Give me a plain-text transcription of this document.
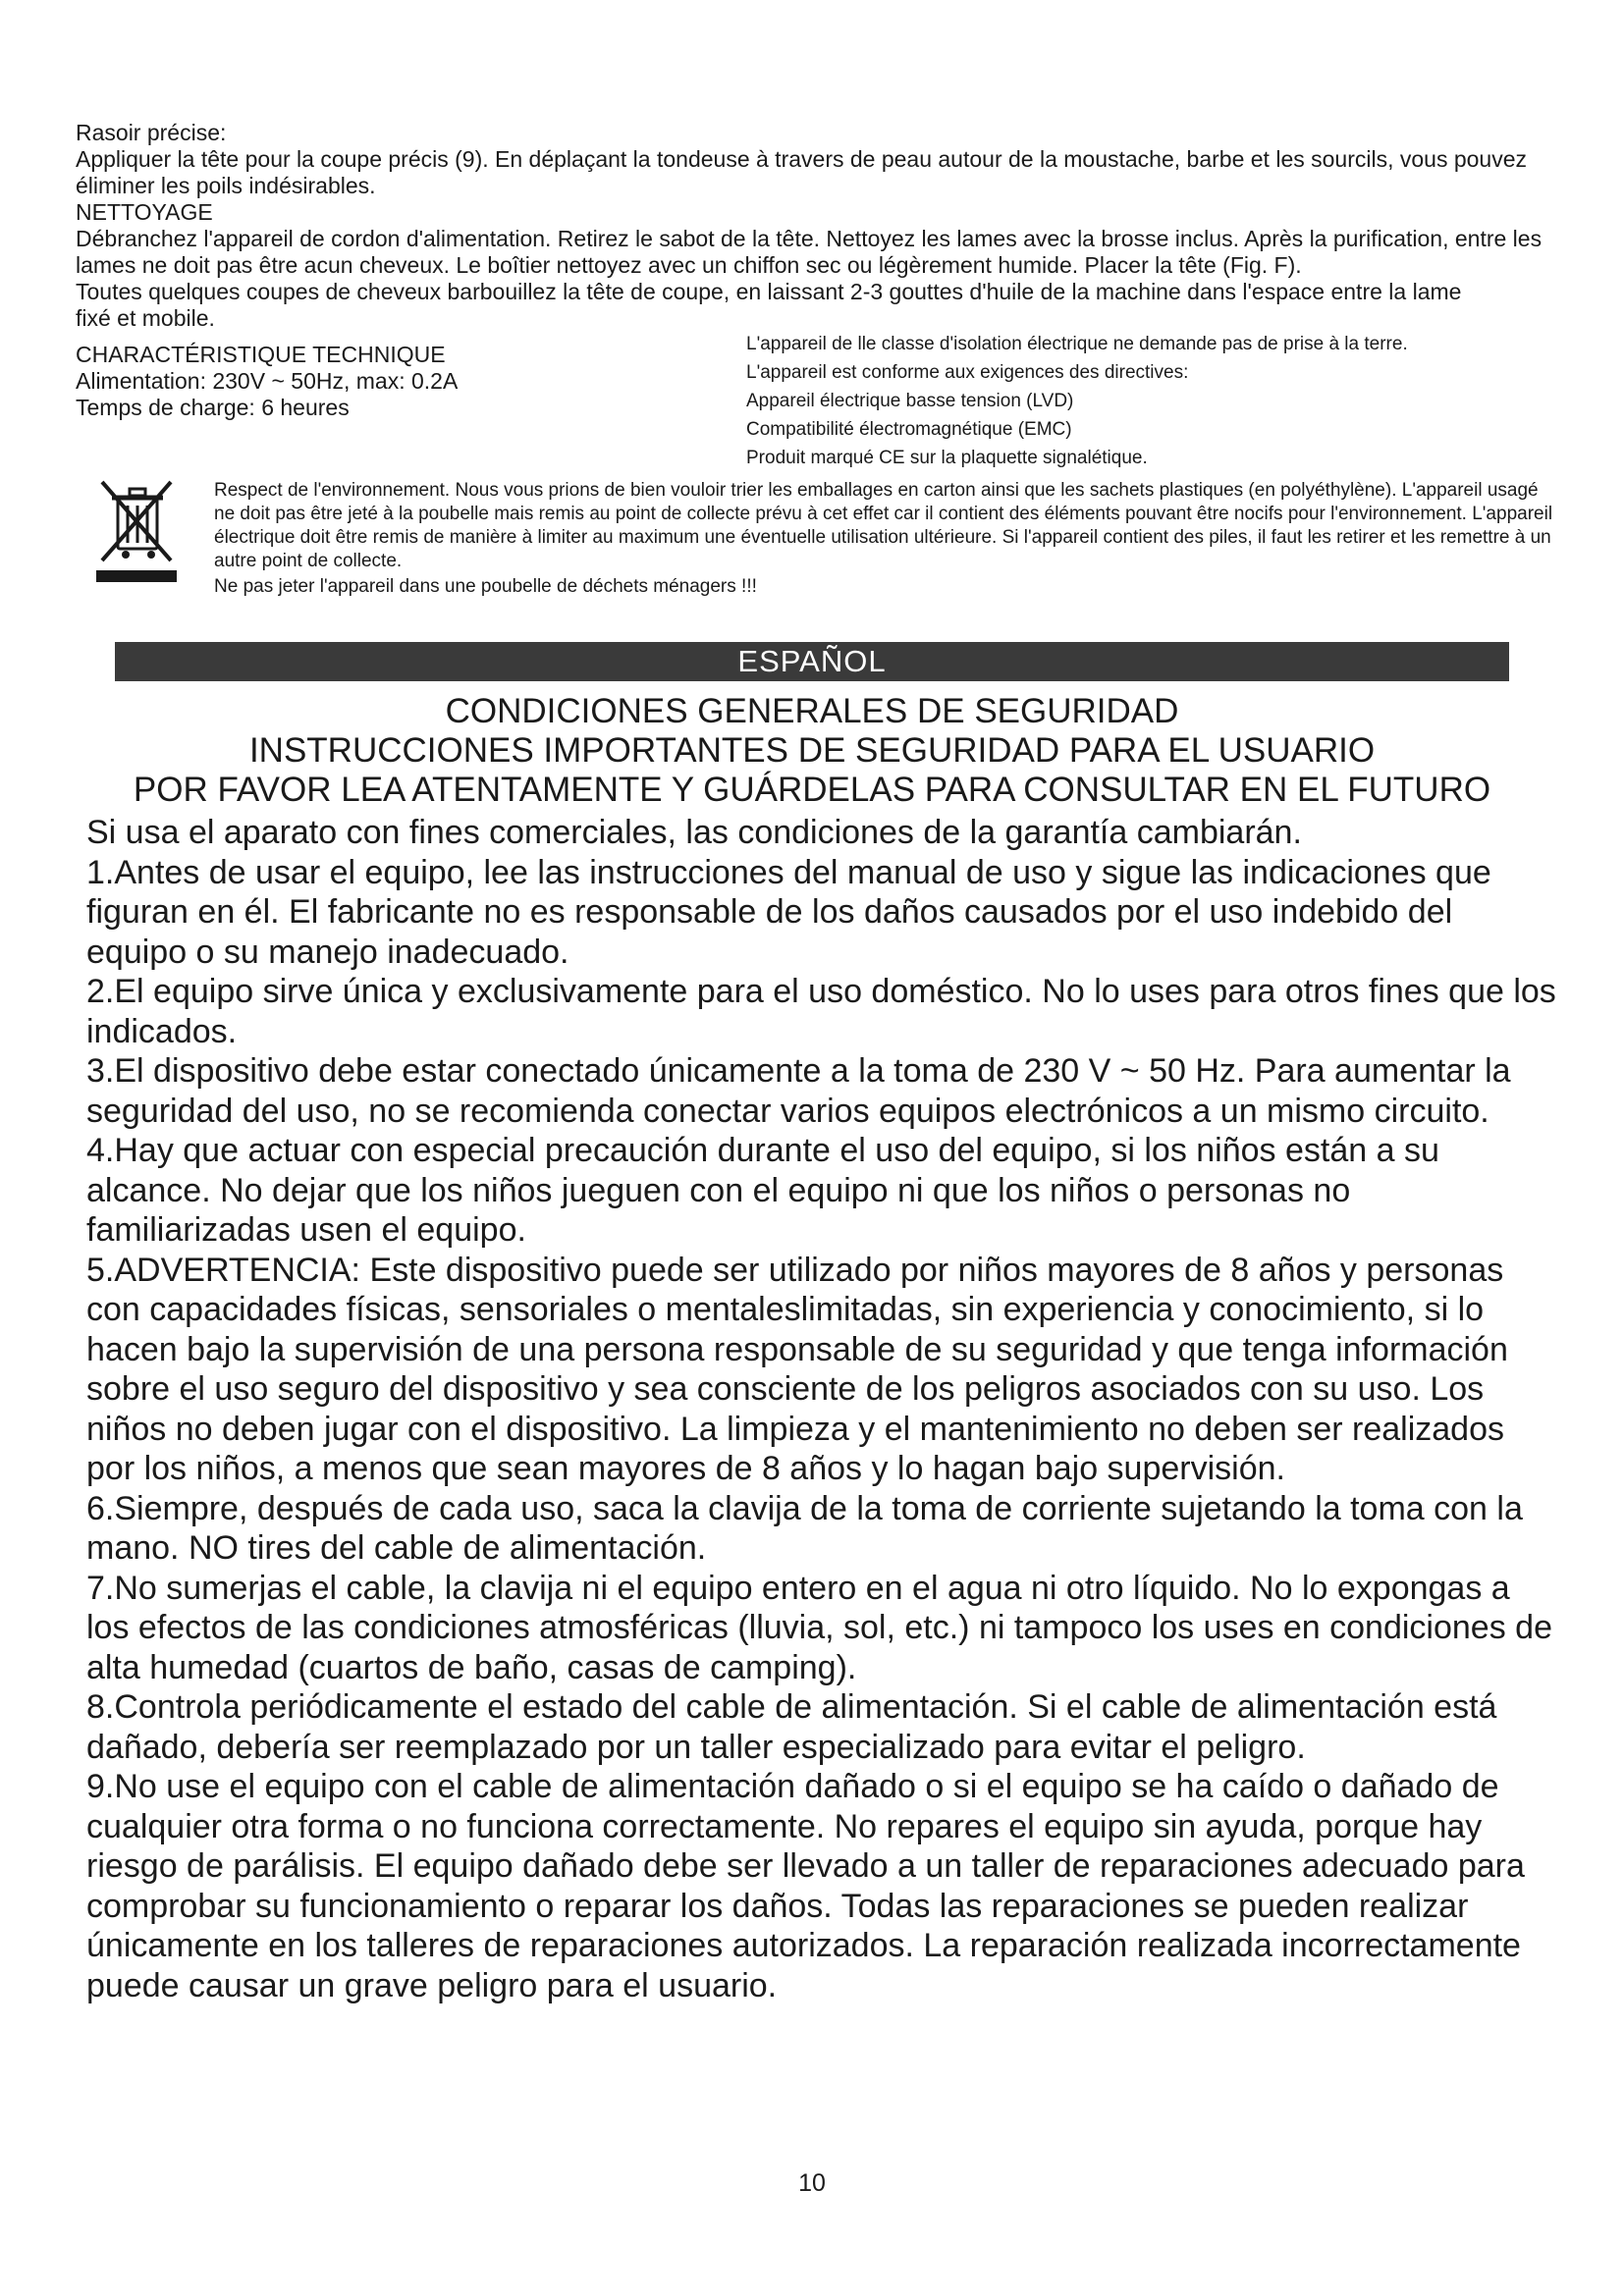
Rasoir précise:

Appliquer la tête pour la coupe précis (9). En déplaçant la tondeuse à travers de peau autour de la moustache, barbe et les sourcils, vous pouvez éliminer les poils indésirables.

NETTOYAGE

Débranchez l'appareil de cordon d'alimentation. Retirez le sabot de la tête. Nettoyez les lames avec la brosse inclus. Après la purification, entre les lames ne doit pas être acun cheveux. Le boîtier nettoyez avec un chiffon sec ou légèrement humide. Placer la tête (Fig. F).

Toutes quelques coupes de cheveux barbouillez la tête de coupe, en laissant 2-3 gouttes d'huile de la machine dans l'espace entre la lame

fixé et mobile.

CHARACTÉRISTIQUE TECHNIQUE

Alimentation: 230V ~ 50Hz, max: 0.2A

Temps de charge: 6 heures

L'appareil de lle classe d'isolation électrique ne demande pas de prise à la terre.

L'appareil est conforme aux exigences des directives:

Appareil électrique basse tension (LVD)

Compatibilité électromagnétique (EMC)

Produit marqué CE sur la plaquette signalétique.

Respect de l'environnement. Nous vous prions de bien vouloir trier les emballages en carton ainsi que les sachets plastiques (en polyéthylène). L'appareil usagé ne doit pas être jeté à la poubelle mais remis au point de collecte prévu à cet effet car il contient des éléments pouvant être nocifs pour l'environnement. L'appareil électrique doit être remis de manière à limiter au maximum une éventuelle utilisation ultérieure. Si l'appareil contient des piles, il faut les retirer et les remettre à un autre point de collecte.

Ne pas jeter l'appareil dans une poubelle de déchets ménagers !!!

ESPAÑOL

CONDICIONES GENERALES DE SEGURIDAD

INSTRUCCIONES IMPORTANTES DE SEGURIDAD PARA EL USUARIO

POR FAVOR LEA ATENTAMENTE Y GUÁRDELAS PARA CONSULTAR EN EL FUTURO

Si usa el aparato con fines comerciales, las condiciones de la garantía cambiarán.

1.Antes de usar el equipo, lee las instrucciones del manual de uso y sigue las indicaciones que figuran en él. El fabricante no es responsable de los daños causados por el uso indebido del equipo o su manejo inadecuado.

2.El equipo sirve única y exclusivamente para el uso doméstico. No lo uses para otros fines que los indicados.

3.El dispositivo debe estar conectado únicamente a la toma de 230 V ~ 50 Hz. Para aumentar la seguridad del uso, no se recomienda conectar varios equipos electrónicos a un mismo circuito.

4.Hay que actuar con especial precaución durante el uso del equipo, si los niños están a su alcance. No dejar que los niños jueguen con el equipo ni que los niños o personas no familiarizadas usen el equipo.

5.ADVERTENCIA: Este dispositivo puede ser utilizado por niños mayores de 8 años y personas con capacidades físicas, sensoriales o mentaleslimitadas, sin experiencia y conocimiento, si lo hacen bajo la supervisión de una persona responsable de su seguridad y que tenga información sobre el uso seguro del dispositivo y sea consciente de los peligros asociados con su uso. Los niños no deben jugar con el dispositivo. La limpieza y el mantenimiento no deben ser realizados por los niños, a menos que sean mayores de 8 años y lo hagan bajo supervisión.

6.Siempre, después de cada uso, saca la clavija de la toma de corriente sujetando la toma con la mano. NO tires del cable de alimentación.

7.No sumerjas el cable, la clavija ni el equipo entero en el agua ni otro líquido. No lo expongas a los efectos de las condiciones atmosféricas (lluvia, sol, etc.) ni tampoco los uses en condiciones de alta humedad (cuartos de baño, casas de camping).

8.Controla periódicamente el estado del cable de alimentación. Si el cable de alimentación está dañado, debería ser reemplazado por un taller especializado para evitar el peligro.

9.No use el equipo con el cable de alimentación dañado o si el equipo se ha caído o dañado de cualquier otra forma o no funciona correctamente. No repares el equipo sin ayuda, porque hay riesgo de parálisis. El equipo dañado debe ser llevado a un taller de reparaciones adecuado para comprobar su funcionamiento o reparar los daños. Todas las reparaciones se pueden realizar únicamente en los talleres de reparaciones autorizados. La reparación realizada incorrectamente puede causar un grave peligro para el usuario.

10
